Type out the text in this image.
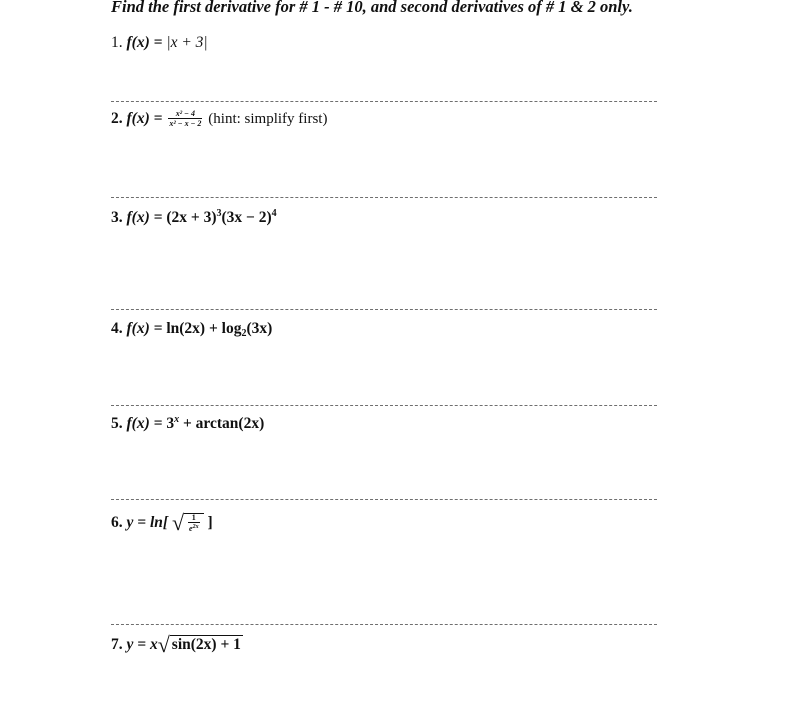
Find the first derivative for # 1 - # 10, and second derivatives of # 1 & 2 only.
1. f(x) = |x + 3|
2. $f(x) = \frac{\text{x² − 4}}{\text{x² − x − 2}}$ (hint: simplify first)
3. $f(x) = (2x + 3)^3(3x - 2)^4$
4. $f(x) = \ln(2x) + \log_2(3x)$
5. $f(x) = 3^x + \arctan(2x)$
6. y = ln[ √ $\frac{1}{e^{2x}}$ ]
7. y = x√ sin(2x) + 1
